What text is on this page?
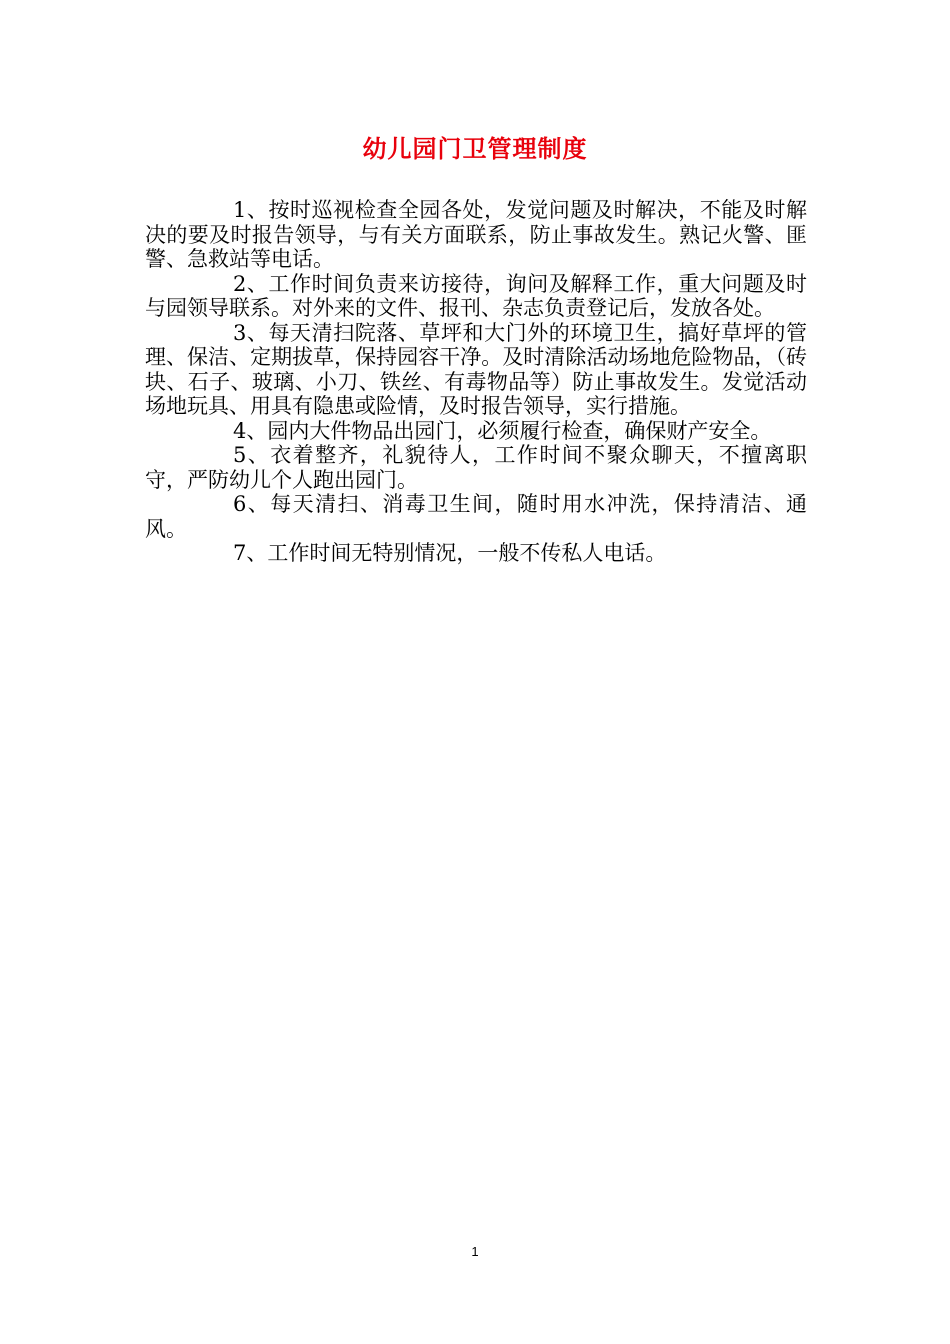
幼儿园门卫管理制度

1、按时巡视检查全园各处，发觉问题及时解决，不能及时解决的要及时报告领导，与有关方面联系，防止事故发生。熟记火警、匪警、急救站等电话。

2、工作时间负责来访接待，询问及解释工作，重大问题及时与园领导联系。对外来的文件、报刊、杂志负责登记后，发放各处。

3、每天清扫院落、草坪和大门外的环境卫生，搞好草坪的管理、保洁、定期拔草，保持园容干净。及时清除活动场地危险物品，（砖块、石子、玻璃、小刀、铁丝、有毒物品等）防止事故发生。发觉活动场地玩具、用具有隐患或险情，及时报告领导，实行措施。

4、园内大件物品出园门，必须履行检查，确保财产安全。

5、衣着整齐，礼貌待人，工作时间不聚众聊天，不擅离职守，严防幼儿个人跑出园门。

6、每天清扫、消毒卫生间，随时用水冲洗，保持清洁、通风。

7、工作时间无特别情况，一般不传私人电话。

1
